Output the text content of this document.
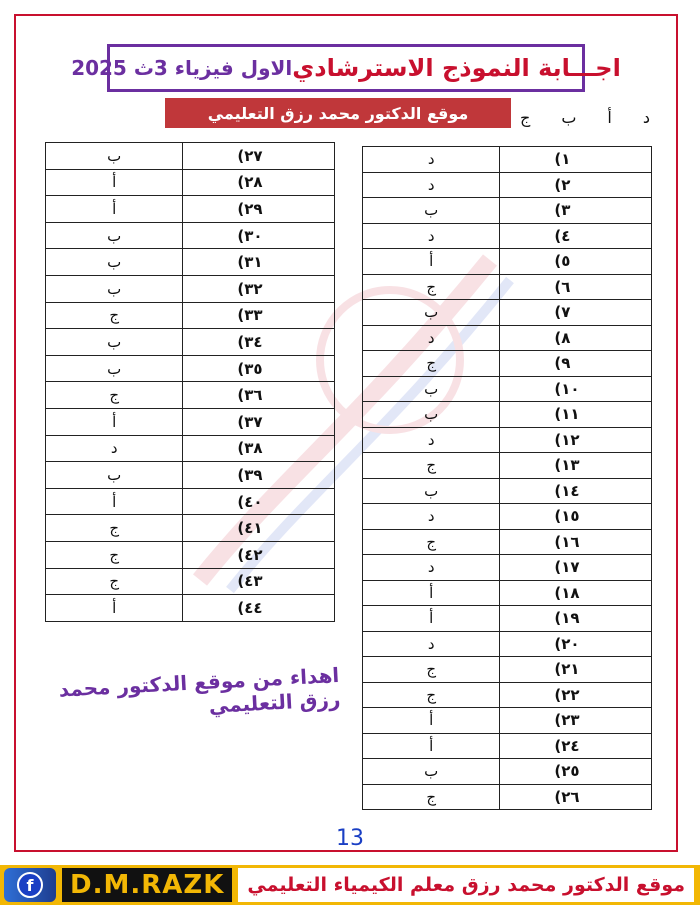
اجـــابة النموذج الاسترشادي
الاول فيزياء 3ث 2025
موقع الدكتور محمد رزق التعليمي	د
أ
ب
ج
١)	د
٢)	د
٣)	ب
٤)	د
٥)	أ
٦)	ج
٧)	ب
٨)	د
٩)	ج
١٠)	ب
١١)	ب
١٢)	د
١٣)	ج
١٤)	ب
١٥)	د
١٦)	ج
١٧)	د
١٨)	أ
١٩)	أ
٢٠)	د
٢١)	ج
٢٢)	ج
٢٣)	أ
٢٤)	أ
٢٥)	ب
٢٦)	ج
٢٧)	ب
٢٨)	أ
٢٩)	أ
٣٠)	ب
٣١)	ب
٣٢)	ب
٣٣)	ج
٣٤)	ب
٣٥)	ب
٣٦)	ج
٣٧)	أ
٣٨)	د
٣٩)	ب
٤٠)	أ
٤١)	ج
٤٢)	ج
٤٣)	ج
٤٤)	أ
اهداء من موقع الدكتور محمد رزق التعليمي
13
f	D.M.RAZK	موقع الدكتور محمد رزق معلم الكيمياء التعليمي
